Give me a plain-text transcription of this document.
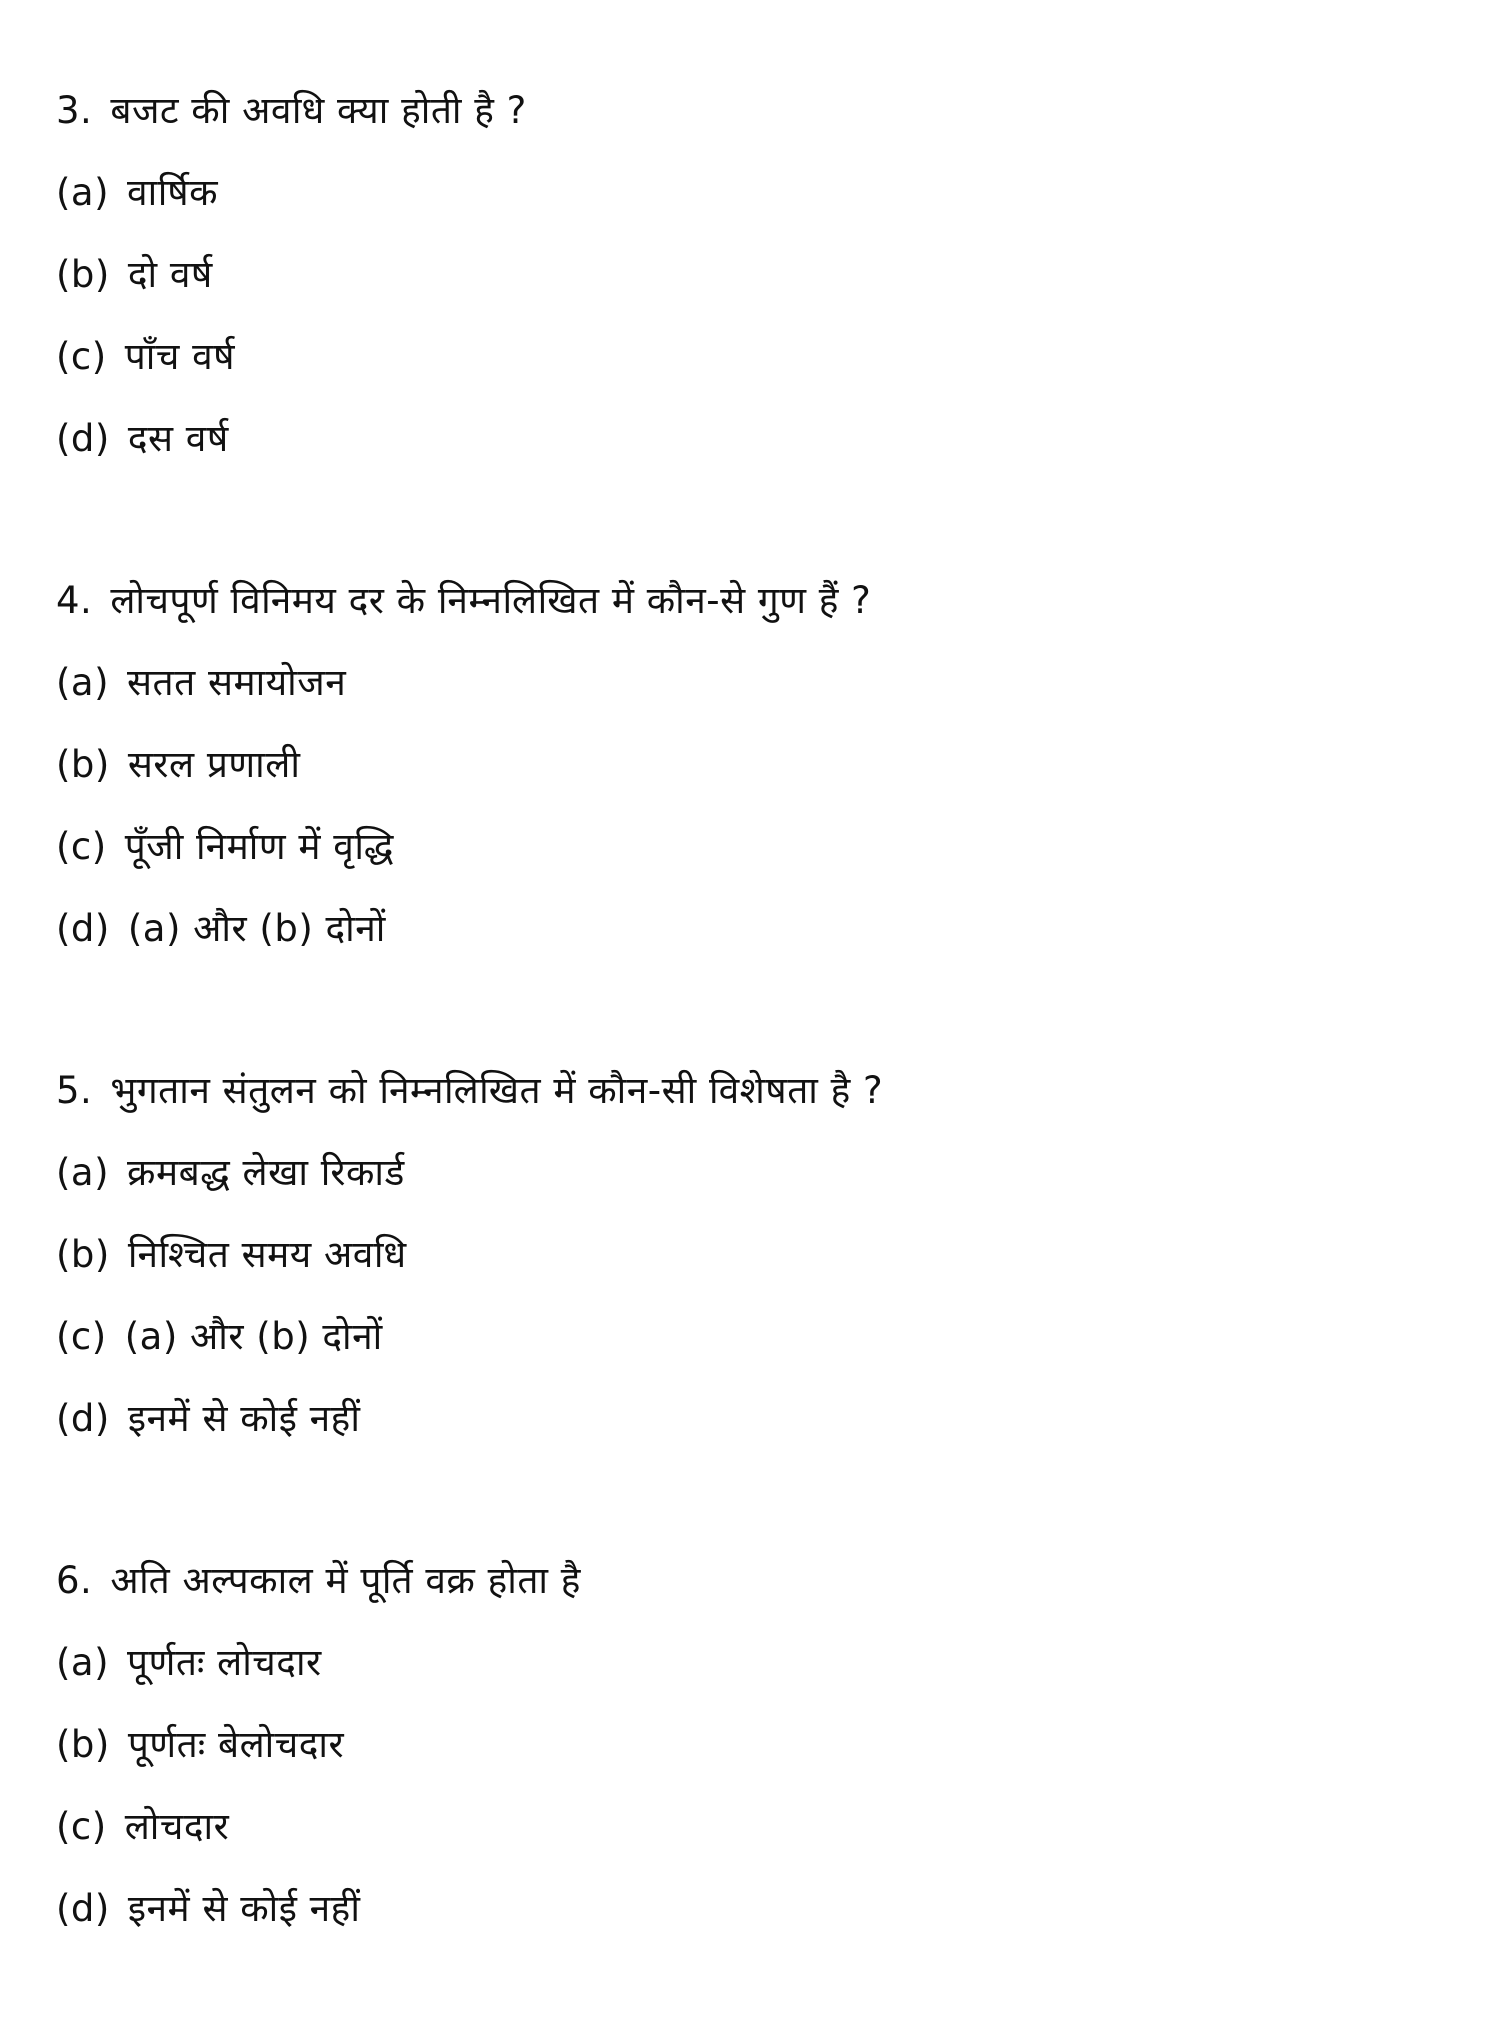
3. बजट की अवधि क्या होती है ?
(a) वार्षिक
(b) दो वर्ष
(c) पाँच वर्ष
(d) दस वर्ष
4. लोचपूर्ण विनिमय दर के निम्नलिखित में कौन-से गुण हैं ?
(a) सतत समायोजन
(b) सरल प्रणाली
(c) पूँजी निर्माण में वृद्धि
(d) (a) और (b) दोनों
5. भुगतान संतुलन को निम्नलिखित में कौन-सी विशेषता है ?
(a) क्रमबद्ध लेखा रिकार्ड
(b) निश्चित समय अवधि
(c) (a) और (b) दोनों
(d) इनमें से कोई नहीं
6. अति अल्पकाल में पूर्ति वक्र होता है
(a) पूर्णतः लोचदार
(b) पूर्णतः बेलोचदार
(c) लोचदार
(d) इनमें से कोई नहीं
